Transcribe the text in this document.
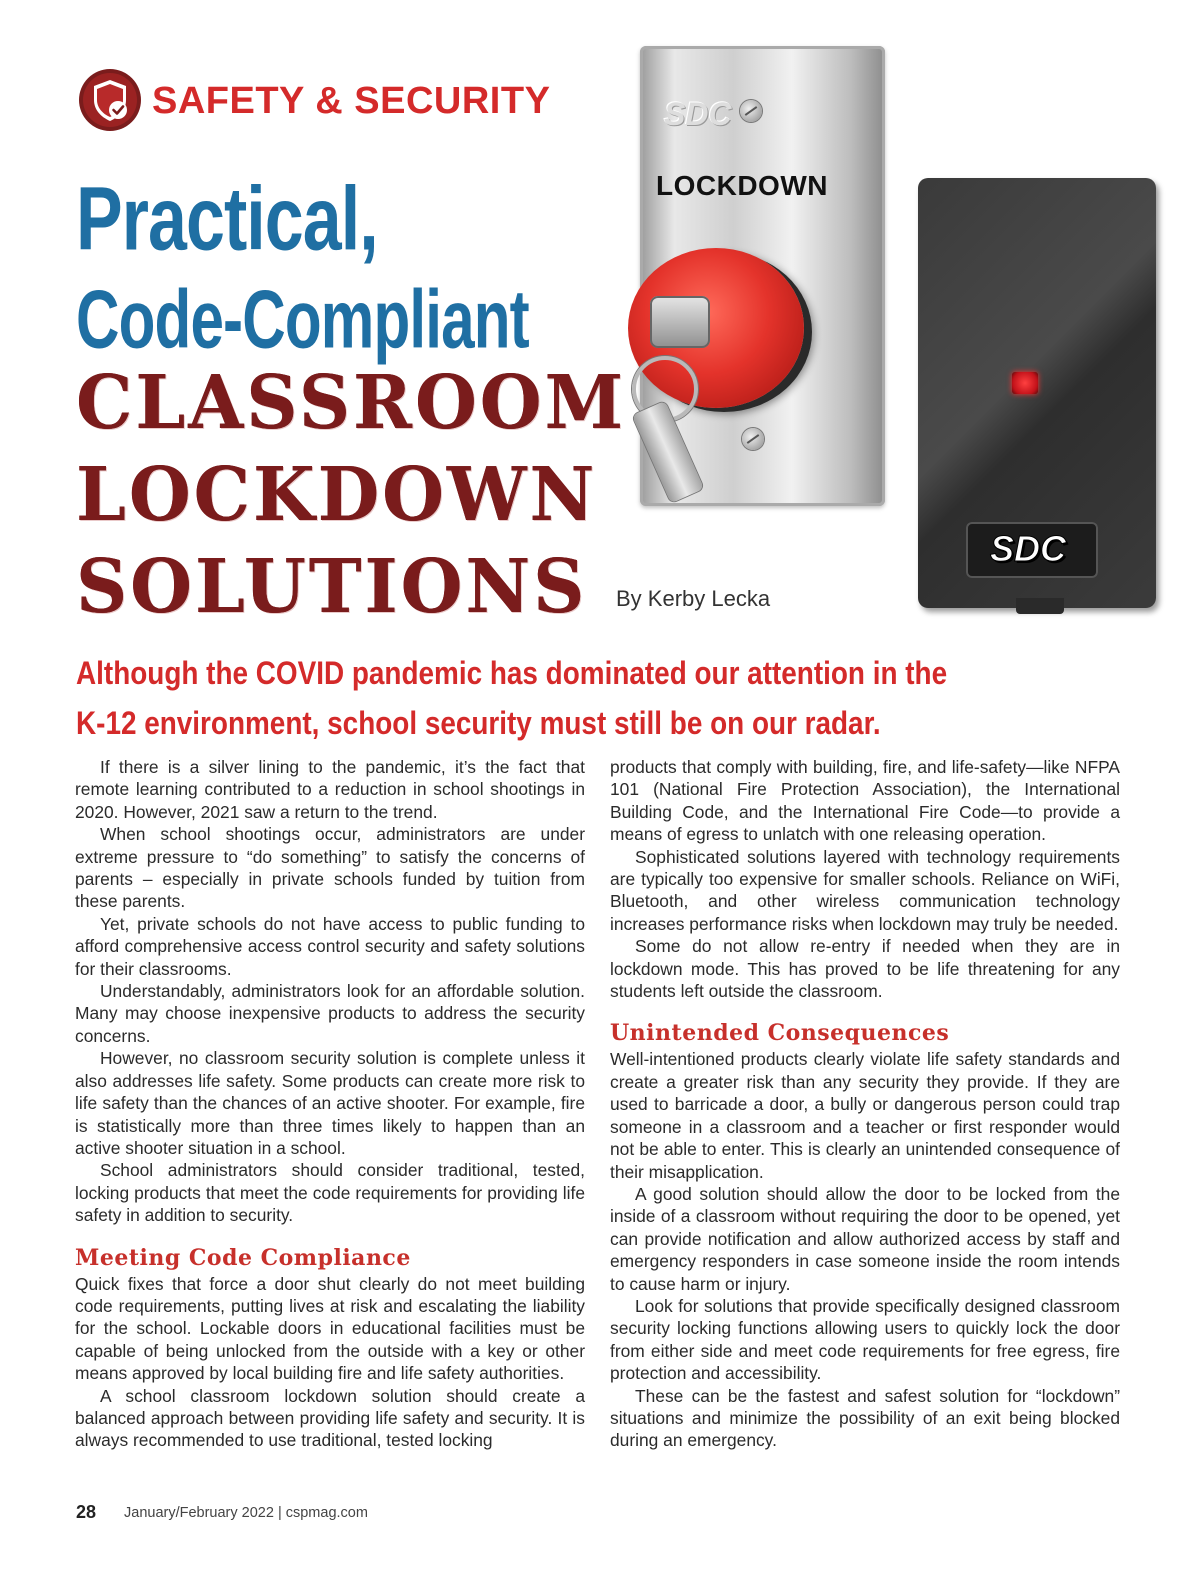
SAFETY & SECURITY
Practical,
Code-Compliant
CLASSROOM
LOCKDOWN
SOLUTIONS By Kerby Lecka
SDC
LOCKDOWN
SDC
Although the COVID pandemic has dominated our attention in the
K-12 environment, school security must still be on our radar.

If there is a silver lining to the pandemic, it’s the fact that remote learning contributed to a reduction in school shootings in 2020. However, 2021 saw a return to the trend.

When school shootings occur, administrators are under extreme pressure to “do something” to satisfy the concerns of parents – especially in private schools funded by tuition from these parents.

Yet, private schools do not have access to public funding to afford comprehensive access control security and safety solutions for their classrooms.

Understandably, administrators look for an affordable solution. Many may choose inexpensive products to address the security concerns.

However, no classroom security solution is complete unless it also addresses life safety. Some products can create more risk to life safety than the chances of an active shooter. For example, fire is statistically more than three times likely to happen than an active shooter situation in a school.

School administrators should consider traditional, tested, locking products that meet the code requirements for providing life safety in addition to security.

Meeting Code Compliance

Quick fixes that force a door shut clearly do not meet building code requirements, putting lives at risk and escalating the liability for the school. Lockable doors in educational facilities must be capable of being unlocked from the outside with a key or other means approved by local building fire and life safety authorities.

A school classroom lockdown solution should create a balanced approach between providing life safety and security. It is always recommended to use traditional, tested locking

products that comply with building, fire, and life-safety—like NFPA 101 (National Fire Protection Association), the International Building Code, and the International Fire Code—to provide a means of egress to unlatch with one releasing operation.

Sophisticated solutions layered with technology requirements are typically too expensive for smaller schools. Reliance on WiFi, Bluetooth, and other wireless communication technology increases performance risks when lockdown may truly be needed.

Some do not allow re-entry if needed when they are in lockdown mode. This has proved to be life threatening for any students left outside the classroom.

Unintended Consequences

Well-intentioned products clearly violate life safety standards and create a greater risk than any security they provide. If they are used to barricade a door, a bully or dangerous person could trap someone in a classroom and a teacher or first responder would not be able to enter. This is clearly an unintended consequence of their misapplication.

A good solution should allow the door to be locked from the inside of a classroom without requiring the door to be opened, yet can provide notification and allow authorized access by staff and emergency responders in case someone inside the room intends to cause harm or injury.

Look for solutions that provide specifically designed classroom security locking functions allowing users to quickly lock the door from either side and meet code requirements for free egress, fire protection and accessibility.

These can be the fastest and safest solution for “lockdown” situations and minimize the possibility of an exit being blocked during an emergency.

28 January/February 2022 | cspmag.com
